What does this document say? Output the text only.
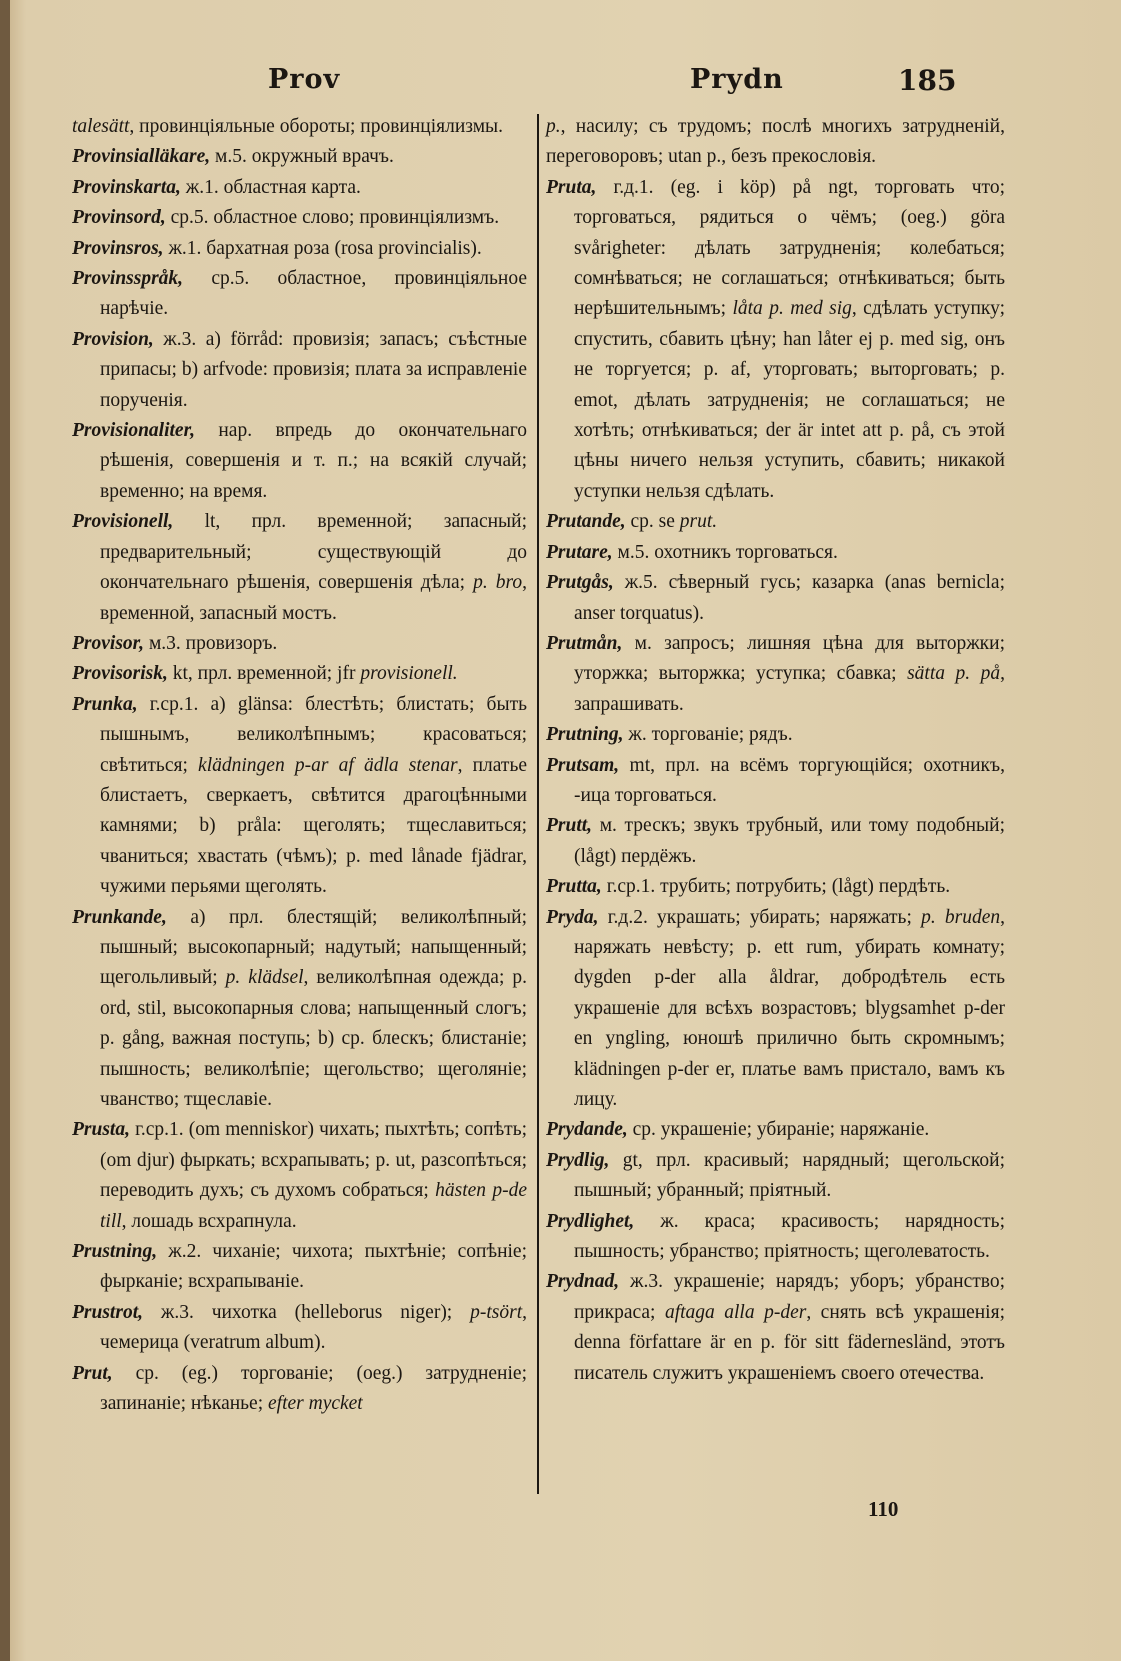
Prov	Prydn	185

talesätt, провинціяльные обороты; провинціялизмы.

Provinsialläkare, м.5. окружный врачъ.

Provinskarta, ж.1. областная карта.

Provinsord, ср.5. областное слово; провинціялизмъ.

Provinsros, ж.1. бархатная роза (rosa provincialis).

Provinsspråk, ср.5. областное, провинціяльное нарѣчіе.

Provision, ж.3. a) förråd: провизія; запасъ; съѣстные припасы; b) arfvode: провизія; плата за исправленіе порученія.

Provisionaliter, нар. впредь до окончательнаго рѣшенія, совершенія и т. п.; на всякій случай; временно; на время.

Provisionell, lt, прл. временной; запасный; предварительный; существующій до окончательнаго рѣшенія, совершенія дѣла; p. bro, временной, запасный мостъ.

Provisor, м.3. провизоръ.

Provisorisk, kt, прл. временной; jfr provisionell.

Prunka, г.ср.1. a) glänsa: блестѣть; блистать; быть пышнымъ, великолѣпнымъ; красоваться; свѣтиться; klädningen p-ar af ädla stenar, платье блистаетъ, сверкаетъ, свѣтится драгоцѣнными камнями; b) pråla: щеголять; тщеславиться; чваниться; хвастать (чѣмъ); p. med lånade fjädrar, чужими перьями щеголять.

Prunkande, a) прл. блестящій; великолѣпный; пышный; высокопарный; надутый; напыщенный; щегольливый; p. klädsel, великолѣпная одежда; p. ord, stil, высокопарныя слова; напыщенный слогъ; p. gång, важная поступь; b) ср. блескъ; блистаніе; пышность; великолѣпіе; щегольство; щеголяніе; чванство; тщеславіе.

Prusta, г.ср.1. (om menniskor) чихать; пыхтѣть; сопѣть; (om djur) фыркать; всхрапывать; p. ut, разсопѣться; переводить духъ; съ духомъ собраться; hästen p-de till, лошадь всхрапнула.

Prustning, ж.2. чиханіе; чихота; пыхтѣніе; сопѣніе; фырканіе; всхрапываніе.

Prustrot, ж.3. чихотка (helleborus niger); p-tsört, чемерица (veratrum album).

Prut, ср. (eg.) торгованіе; (oeg.) затрудненіе; запинаніе; нѣканье; efter mycket

p., насилу; съ трудомъ; послѣ многихъ затрудненій, переговоровъ; utan p., безъ прекословія.

Pruta, г.д.1. (eg. i köp) på ngt, торговать что; торговаться, рядиться о чёмъ; (oeg.) göra svårigheter: дѣлать затрудненія; колебаться; сомнѣваться; не соглашаться; отнѣкиваться; быть нерѣшительнымъ; låta p. med sig, сдѣлать уступку; спустить, сбавить цѣну; han låter ej p. med sig, онъ не торгуется; p. af, уторговать; выторговать; p. emot, дѣлать затрудненія; не соглашаться; не хотѣть; отнѣкиваться; der är intet att p. på, съ этой цѣны ничего нельзя уступить, сбавить; никакой уступки нельзя сдѣлать.

Prutande, ср. se prut.

Prutare, м.5. охотникъ торговаться.

Prutgås, ж.5. сѣверный гусь; казарка (anas bernicla; anser torquatus).

Prutmån, м. запросъ; лишняя цѣна для выторжки; уторжка; выторжка; уступка; сбавка; sätta p. på, запрашивать.

Prutning, ж. торгованіе; рядъ.

Prutsam, mt, прл. на всёмъ торгующійся; охотникъ, -ица торговаться.

Prutt, м. трескъ; звукъ трубный, или тому подобный; (lågt) пердёжъ.

Prutta, г.ср.1. трубить; потрубить; (lågt) пердѣть.

Pryda, г.д.2. украшать; убирать; наряжать; p. bruden, наряжать невѣсту; p. ett rum, убирать комнату; dygden p-der alla åldrar, добродѣтель есть украшеніе для всѣхъ возрастовъ; blygsamhet p-der en yngling, юношѣ прилично быть скромнымъ; klädningen p-der er, платье вамъ пристало, вамъ къ лицу.

Prydande, ср. украшеніе; убираніе; наряжаніе.

Prydlig, gt, прл. красивый; нарядный; щегольской; пышный; убранный; пріятный.

Prydlighet, ж. краса; красивость; нарядность; пышность; убранство; пріятность; щеголеватость.

Prydnad, ж.3. украшеніе; нарядъ; уборъ; убранство; прикраса; aftaga alla p-der, снять всѣ украшенія; denna författare är en p. för sitt fädernesländ, этотъ писатель служитъ украшеніемъ своего отечества.

110
